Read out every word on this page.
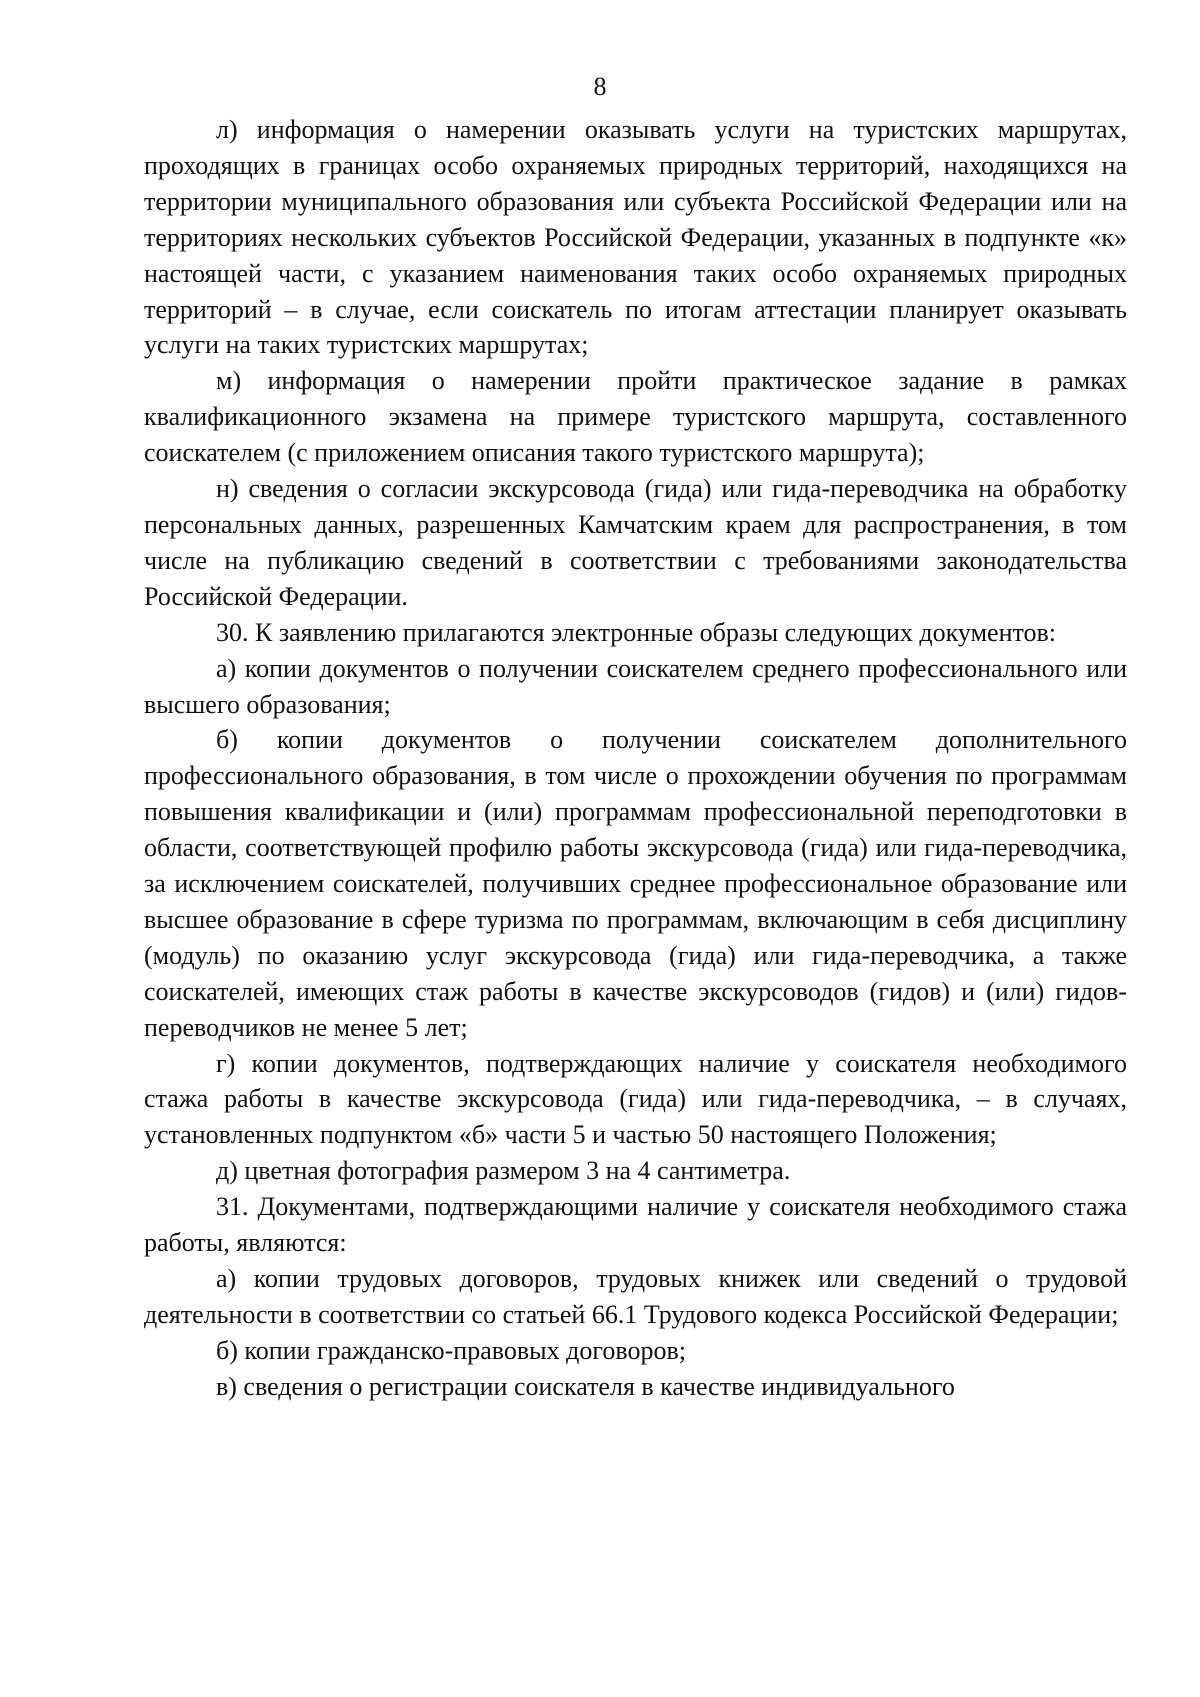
8

л) информация о намерении оказывать услуги на туристских маршрутах, проходящих в границах особо охраняемых природных территорий, находящихся на территории муниципального образования или субъекта Российской Федерации или на территориях нескольких субъектов Российской Федерации, указанных в подпункте «к» настоящей части, с указанием наименования таких особо охраняемых природных территорий – в случае, если соискатель по итогам аттестации планирует оказывать услуги на таких туристских маршрутах;

м) информация о намерении пройти практическое задание в рамках квалификационного экзамена на примере туристского маршрута, составленного соискателем (с приложением описания такого туристского маршрута);

н) сведения о согласии экскурсовода (гида) или гида-переводчика на обработку персональных данных, разрешенных Камчатским краем для распространения, в том числе на публикацию сведений в соответствии с требованиями законодательства Российской Федерации.

30. К заявлению прилагаются электронные образы следующих документов:

а) копии документов о получении соискателем среднего профессионального или высшего образования;

б) копии документов о получении соискателем дополнительного профессионального образования, в том числе о прохождении обучения по программам повышения квалификации и (или) программам профессиональной переподготовки в области, соответствующей профилю работы экскурсовода (гида) или гида-переводчика, за исключением соискателей, получивших среднее профессиональное образование или высшее образование в сфере туризма по программам, включающим в себя дисциплину (модуль) по оказанию услуг экскурсовода (гида) или гида-переводчика, а также соискателей, имеющих стаж работы в качестве экскурсоводов (гидов) и (или) гидов-переводчиков не менее 5 лет;

г) копии документов, подтверждающих наличие у соискателя необходимого стажа работы в качестве экскурсовода (гида) или гида-переводчика, – в случаях, установленных подпунктом «б» части 5 и частью 50 настоящего Положения;

д) цветная фотография размером 3 на 4 сантиметра.

31. Документами, подтверждающими наличие у соискателя необходимого стажа работы, являются:

а) копии трудовых договоров, трудовых книжек или сведений о трудовой деятельности в соответствии со статьей 66.1 Трудового кодекса Российской Федерации;

б) копии гражданско-правовых договоров;

в) сведения о регистрации соискателя в качестве индивидуального
